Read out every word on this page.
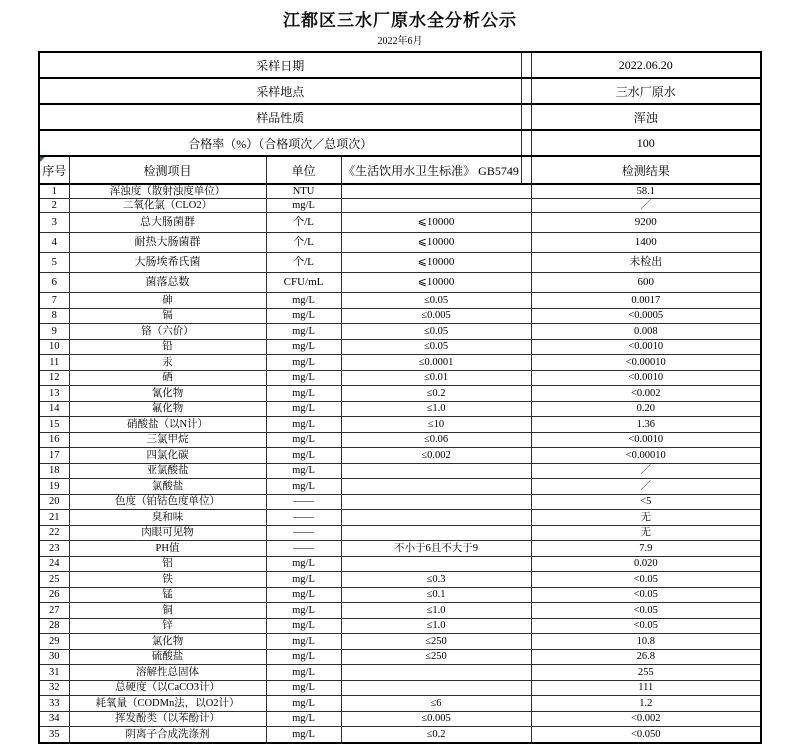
江都区三水厂原水全分析公示
2022年6月
采样日期					2022.06.20
采样地点					三水厂原水
样品性质					浑浊
合格率（%）（合格项次／总项次）					100

序号	检测项目	单位	《生活饮用水卫生标准》 GB5749		检测结果
1	浑浊度（散射浊度单位）	NTU			58.1
2	二氧化氯（CLO2）	mg/L			／
3	总大肠菌群	个/L	⩽10000		9200
4	耐热大肠菌群	个/L	⩽10000		1400
5	大肠埃希氏菌	个/L	⩽10000		未检出
6	菌落总数	CFU/mL	⩽10000		600
7	砷	mg/L	≤0.05		0.0017
8	镉	mg/L	≤0.005		<0.0005
9	铬（六价）	mg/L	≤0.05		0.008
10	铅	mg/L	≤0.05		<0.0010
11	汞	mg/L	≤0.0001		<0.00010
12	硒	mg/L	≤0.01		<0.0010
13	氰化物	mg/L	≤0.2		<0.002
14	氟化物	mg/L	≤1.0		0.20
15	硝酸盐（以N计）	mg/L	≤10		1.36
16	三氯甲烷	mg/L	≤0.06		<0.0010
17	四氯化碳	mg/L	≤0.002		<0.00010
18	亚氯酸盐	mg/L			／
19	氯酸盐	mg/L			／
20	色度（铂钴色度单位）	——			<5
21	臭和味	——			无
22	肉眼可见物	——			无
23	PH值	——	不小于6且不大于9		7.9
24	铝	mg/L			0.020
25	铁	mg/L	≤0.3		<0.05
26	锰	mg/L	≤0.1		<0.05
27	铜	mg/L	≤1.0		<0.05
28	锌	mg/L	≤1.0		<0.05
29	氯化物	mg/L	≤250		10.8
30	硫酸盐	mg/L	≤250		26.8
31	溶解性总固体	mg/L			255
32	总硬度（以CaCO3计）	mg/L			111
33	耗氧量（CODMn法，以O2计）	mg/L	≤6		1.2
34	挥发酚类（以苯酚计）	mg/L	≤0.005		<0.002
35	阴离子合成洗涤剂	mg/L	≤0.2		<0.050
